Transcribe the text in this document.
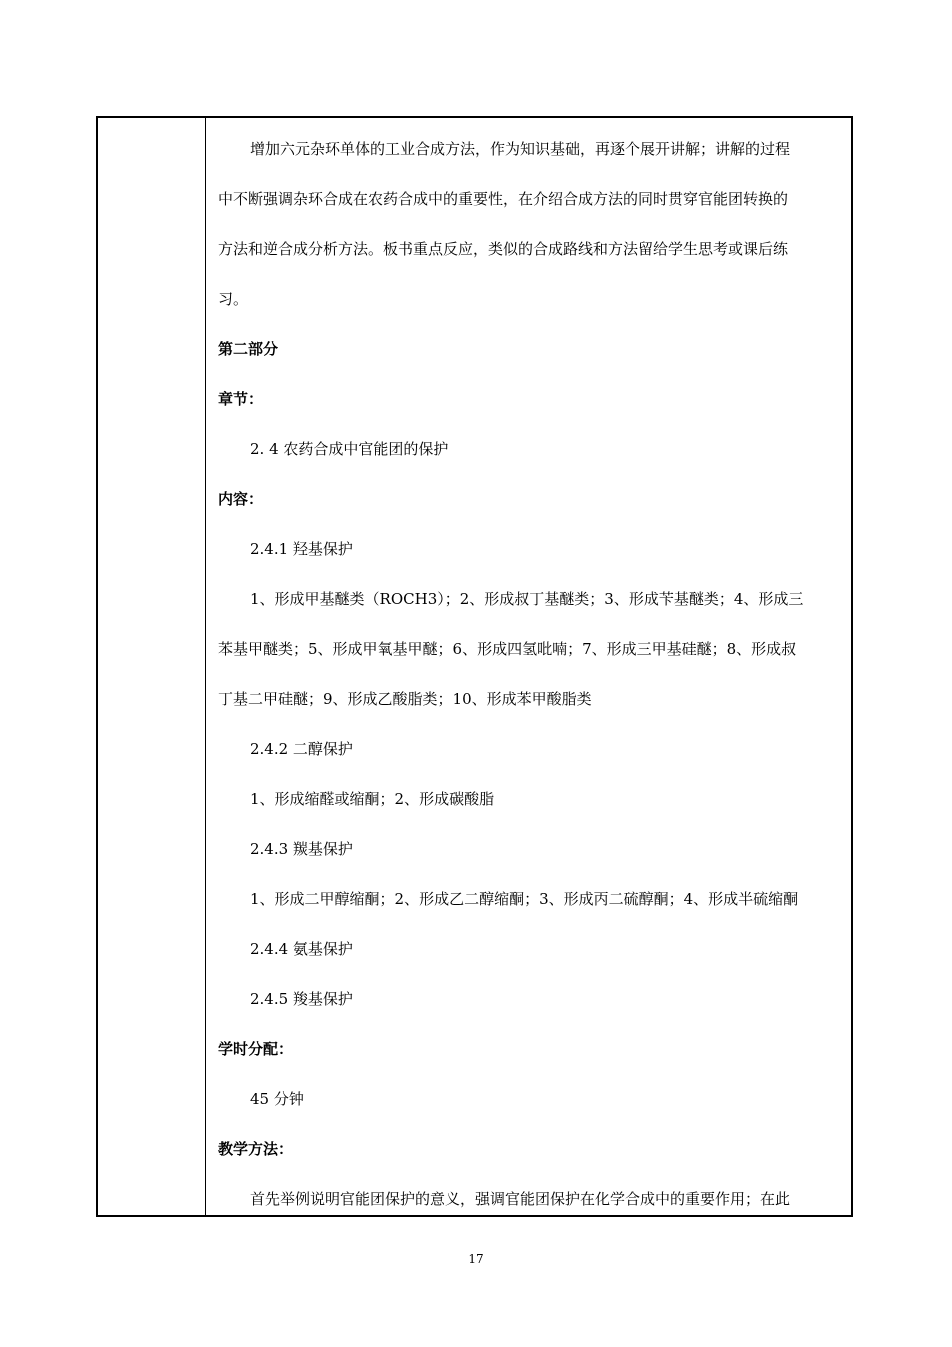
增加六元杂环单体的工业合成方法，作为知识基础，再逐个展开讲解；讲解的过程

中不断强调杂环合成在农药合成中的重要性，在介绍合成方法的同时贯穿官能团转换的

方法和逆合成分析方法。板书重点反应，类似的合成路线和方法留给学生思考或课后练

习。

第二部分

章节：

2. 4 农药合成中官能团的保护

内容：

2.4.1 羟基保护

1、形成甲基醚类（ROCH3）；2、形成叔丁基醚类；3、形成苄基醚类；4、形成三

苯基甲醚类；5、形成甲氧基甲醚；6、形成四氢吡喃；7、形成三甲基硅醚；8、形成叔

丁基二甲硅醚；9、形成乙酸脂类；10、形成苯甲酸脂类

2.4.2 二醇保护

1、形成缩醛或缩酮；2、形成碳酸脂

2.4.3 羰基保护

1、形成二甲醇缩酮；2、形成乙二醇缩酮；3、形成丙二硫醇酮；4、形成半硫缩酮

2.4.4 氨基保护

2.4.5 羧基保护

学时分配：

45 分钟

教学方法：

首先举例说明官能团保护的意义，强调官能团保护在化学合成中的重要作用；在此

17
